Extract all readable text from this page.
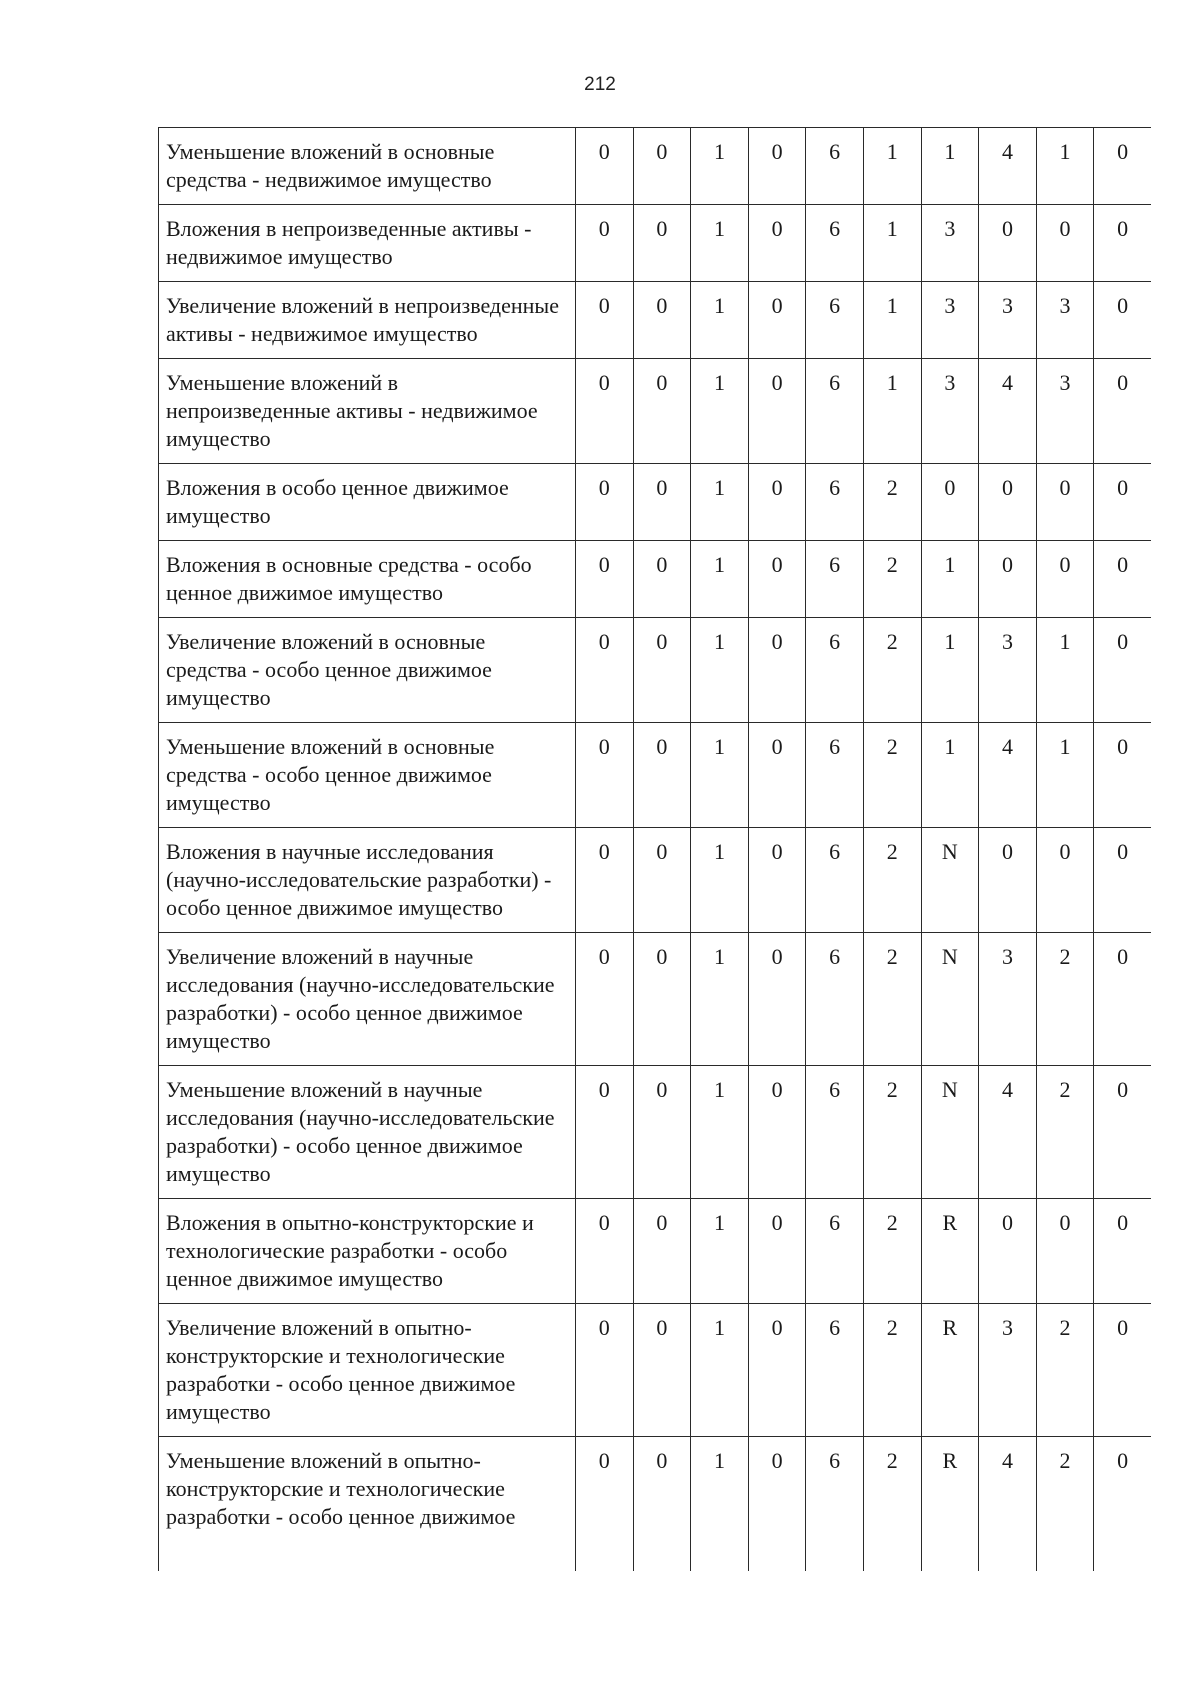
212
Уменьшение вложений в основные средства - недвижимое имущество	0	0	1	0	6	1	1	4	1	0
Вложения в непроизведенные активы - недвижимое имущество	0	0	1	0	6	1	3	0	0	0
Увеличение вложений в непроизведенные активы - недвижимое имущество	0	0	1	0	6	1	3	3	3	0
Уменьшение вложений в непроизведенные активы - недвижимое имущество	0	0	1	0	6	1	3	4	3	0
Вложения в особо ценное движимое имущество	0	0	1	0	6	2	0	0	0	0
Вложения в основные средства - особо ценное движимое имущество	0	0	1	0	6	2	1	0	0	0
Увеличение вложений в основные средства - особо ценное движимое имущество	0	0	1	0	6	2	1	3	1	0
Уменьшение вложений в основные средства - особо ценное движимое имущество	0	0	1	0	6	2	1	4	1	0
Вложения в научные исследования (научно-исследовательские разработки) - особо ценное движимое имущество	0	0	1	0	6	2	N	0	0	0
Увеличение вложений в научные исследования (научно-исследовательские разработки) - особо ценное движимое имущество	0	0	1	0	6	2	N	3	2	0
Уменьшение вложений в научные исследования (научно-исследовательские разработки) - особо ценное движимое имущество	0	0	1	0	6	2	N	4	2	0
Вложения в опытно-конструкторские и технологические разработки - особо ценное движимое имущество	0	0	1	0	6	2	R	0	0	0
Увеличение вложений в опытно-конструкторские и технологические разработки - особо ценное движимое имущество	0	0	1	0	6	2	R	3	2	0
Уменьшение вложений в опытно-конструкторские и технологические разработки - особо ценное движимое	0	0	1	0	6	2	R	4	2	0
